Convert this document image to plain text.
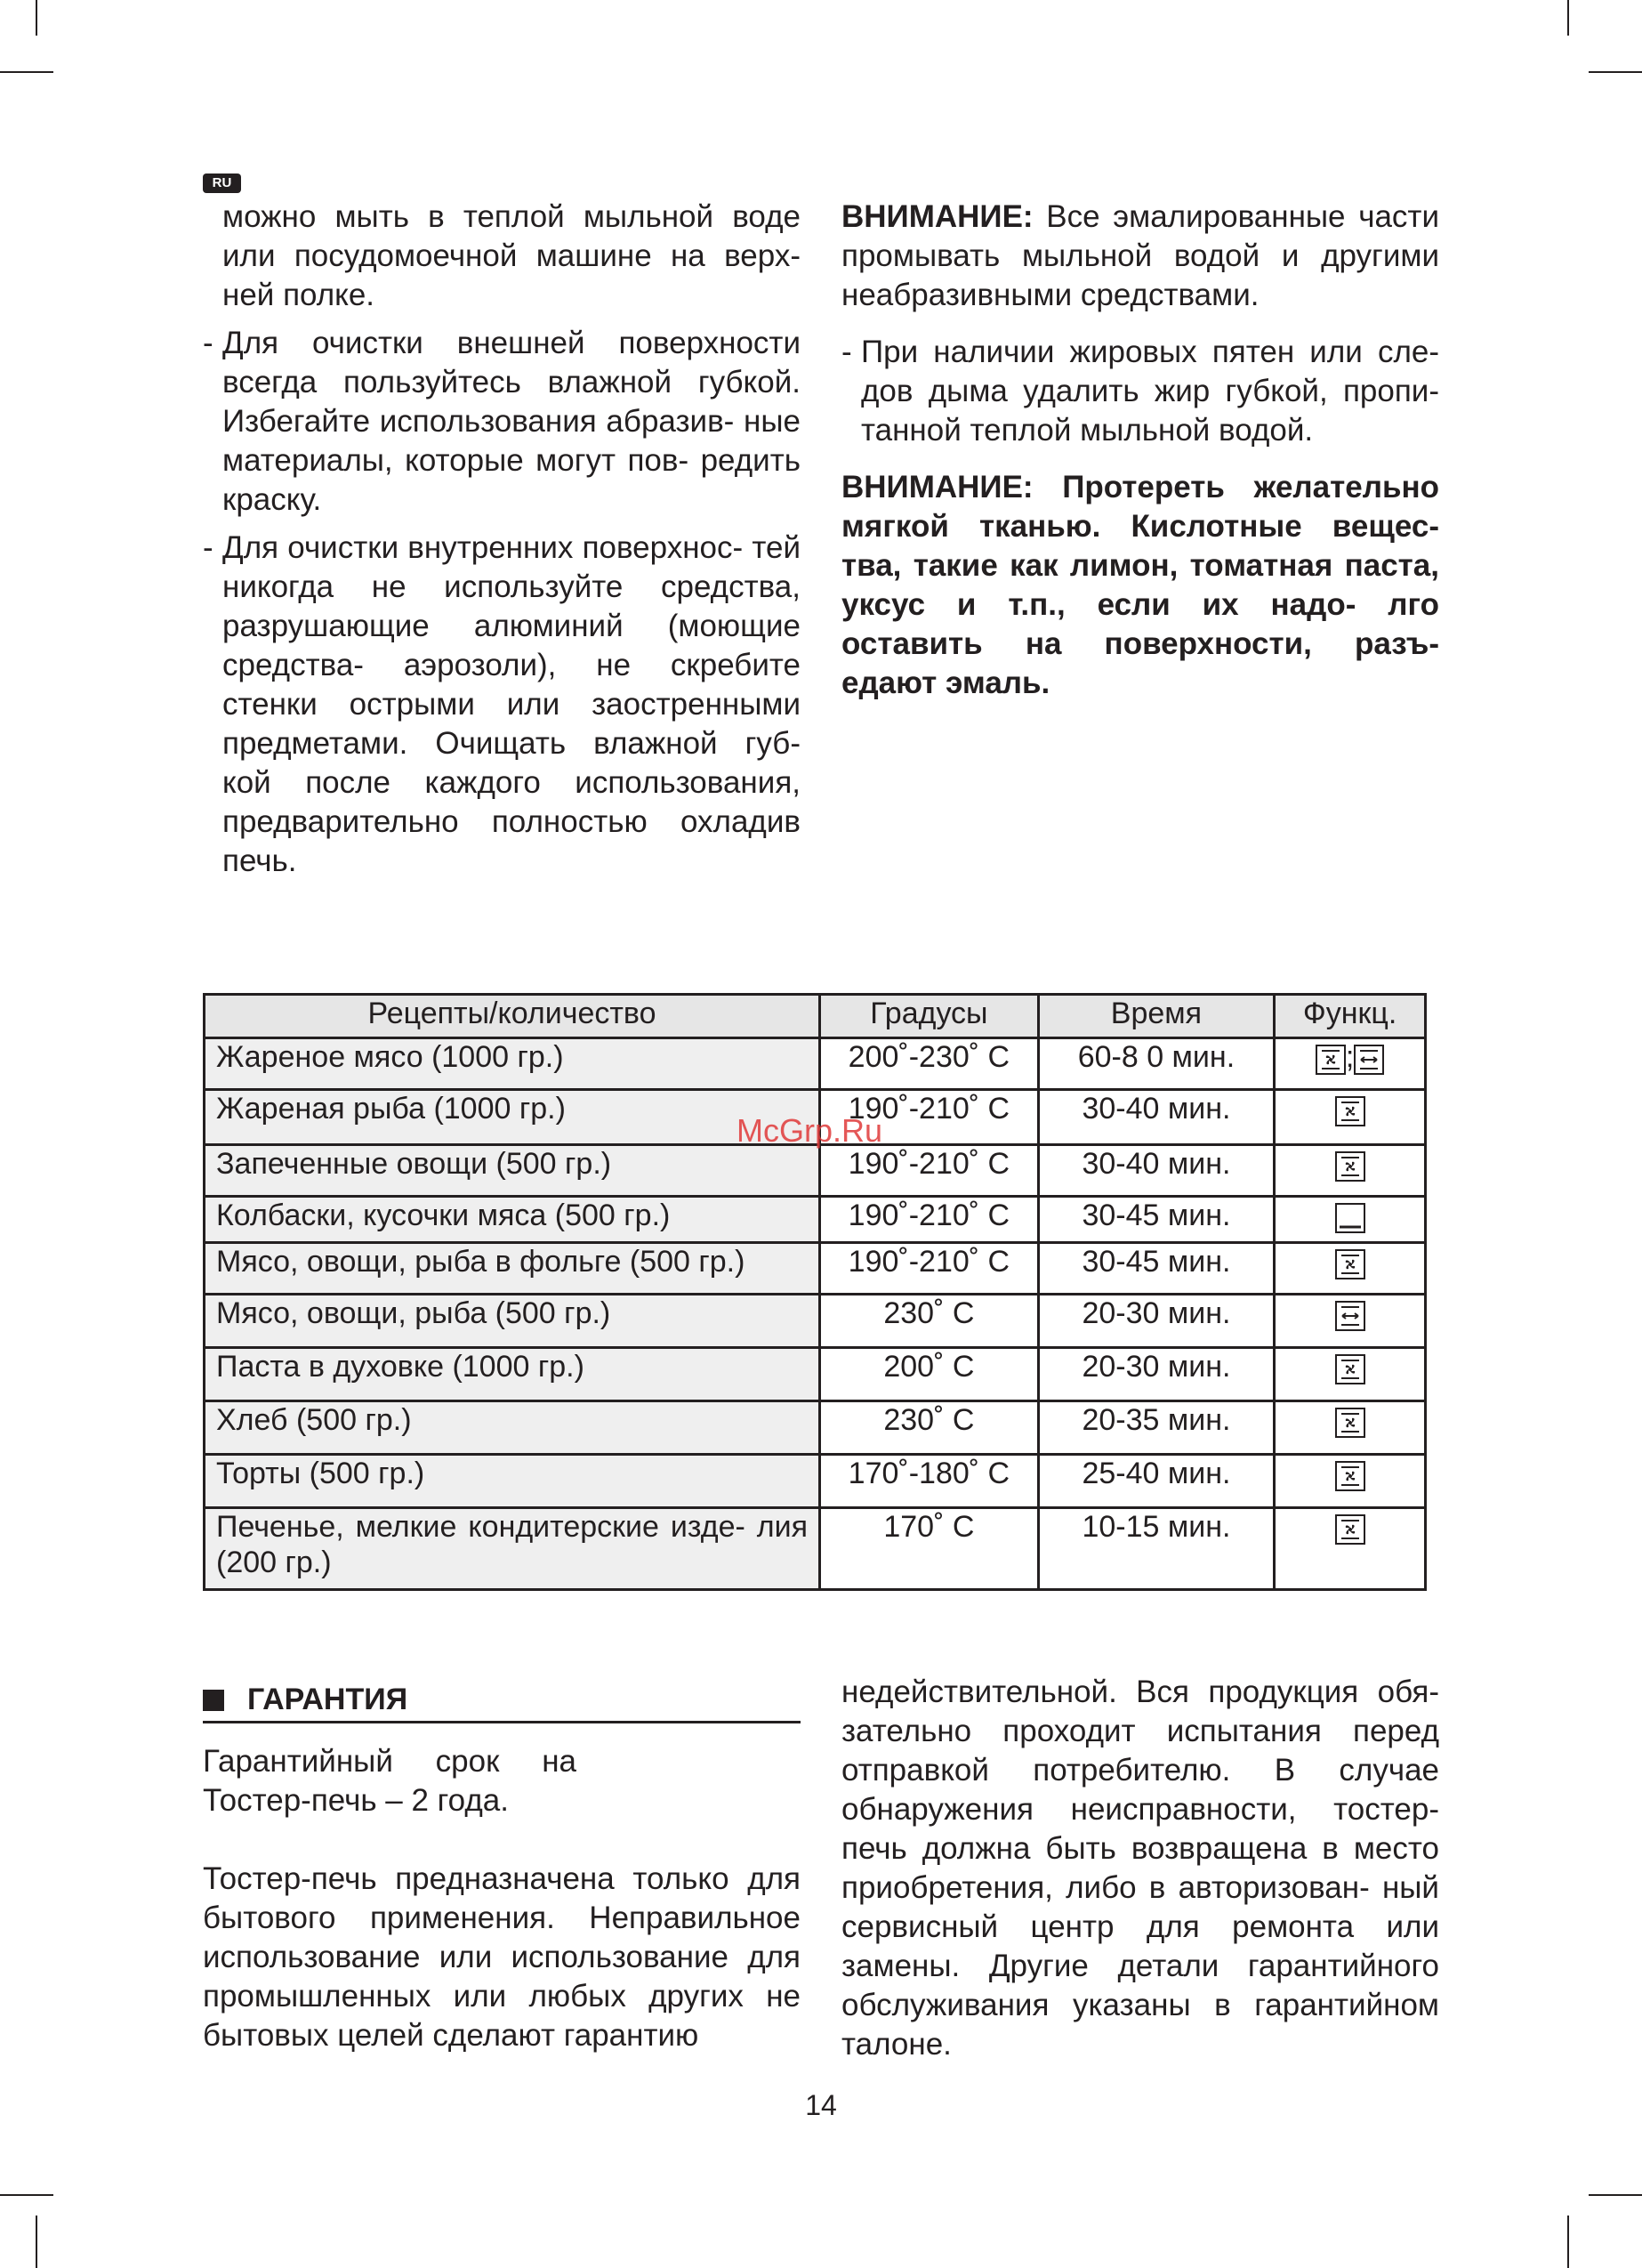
RU

можно мыть в теплой мыльной воде или посудомоечной машине на верх- ней полке.

- Для очистки внешней поверхности всегда пользуйтесь влажной губкой. Избегайте использования абразив- ные материалы, которые могут пов- редить краску.

- Для очистки внутренних поверхнос- тей никогда не используйте средства, разрушающие алюминий (моющие средства- аэрозоли), не скребите стенки острыми или заостренными предметами. Очищать влажной губ- кой после каждого использования, предварительно полностью охладив печь.

ВНИМАНИЕ: Все эмалированные части промывать мыльной водой и другими неабразивными средствами.

- При наличии жировых пятен или сле- дов дыма удалить жир губкой, пропи- танной теплой мыльной водой.

ВНИМАНИЕ: Протереть желательно мягкой тканью. Кислотные вещес- тва, такие как лимон, томатная паста, уксус и т.п., если их надо- лго оставить на поверхности, разъ- едают эмаль.

Рецепты/количество	Градусы	Время	Функц.
Жареное мясо (1000 гр.)	200˚-230˚ C	60-8 0 мин.	;

Жареная рыба (1000 гр.)	190˚-210˚ C	30-40 мин.	

Запеченные овощи (500 гр.)	190˚-210˚ C	30-40 мин.	

Колбаски, кусочки мяса (500 гр.)	190˚-210˚ C	30-45 мин.	

Мясо, овощи, рыба в фольге (500 гр.)	190˚-210˚ C	30-45 мин.	

Мясо, овощи, рыба (500 гр.)	230˚ C	20-30 мин.	

Паста в духовке (1000 гр.)	200˚ C	20-30 мин.	

Хлеб (500 гр.)	230˚ C	20-35 мин.	

Торты (500 гр.)	170˚-180˚ C	25-40 мин.	

Печенье, мелкие кондитерские изде- лия (200 гр.)	170˚ C	10-15 мин.	
McGrp.Ru
ГАРАНТИЯ

Гарантийный срок на Тостер-печь – 2 года.

Тостер-печь предназначена только для бытового применения. Неправильное использование или использование для промышленных или любых других не бытовых целей сделают гарантию

недействительной. Вся продукция обя- зательно проходит испытания перед отправкой потребителю. В случае обнаружения неисправности, тостер- печь должна быть возвращена в место приобретения, либо в авторизован- ный сервисный центр для ремонта или замены. Другие детали гарантийного обслуживания указаны в гарантийном талоне.

14
